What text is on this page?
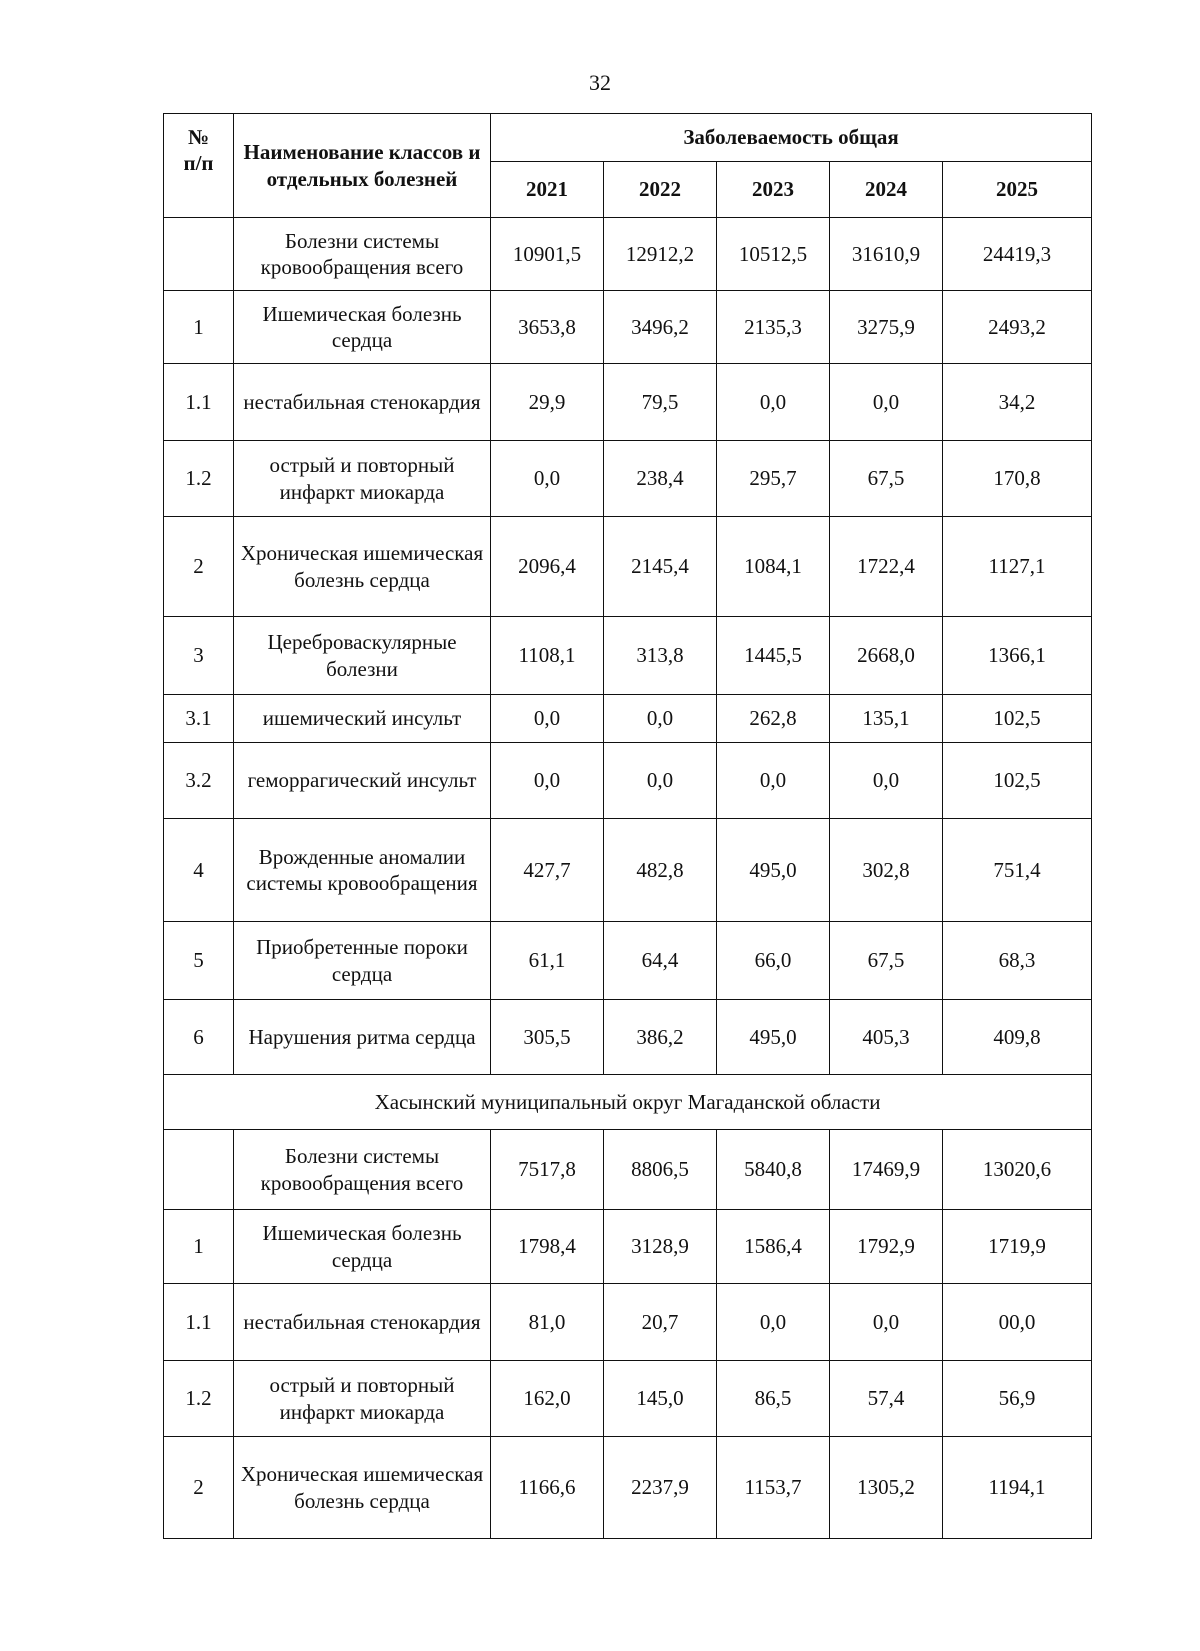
32
№
п/п	Наименование классов и отдельных болезней	Заболеваемость общая				
		2021	2022	2023	2024	2025
	Болезни системы кровообращения всего	10901,5	12912,2	10512,5	31610,9	24419,3
1	Ишемическая болезнь сердца	3653,8	3496,2	2135,3	3275,9	2493,2
1.1	нестабильная стенокардия	29,9	79,5	0,0	0,0	34,2
1.2	острый и повторный инфаркт миокарда	0,0	238,4	295,7	67,5	170,8
2	Хроническая ишемическая болезнь сердца	2096,4	2145,4	1084,1	1722,4	1127,1
3	Цереброваскулярные болезни	1108,1	313,8	1445,5	2668,0	1366,1
3.1	ишемический инсульт	0,0	0,0	262,8	135,1	102,5
3.2	геморрагический инсульт	0,0	0,0	0,0	0,0	102,5
4	Врожденные аномалии системы кровообращения	427,7	482,8	495,0	302,8	751,4
5	Приобретенные пороки сердца	61,1	64,4	66,0	67,5	68,3
6	Нарушения ритма сердца	305,5	386,2	495,0	405,3	409,8
Хасынский муниципальный округ Магаданской области						
	Болезни системы кровообращения всего	7517,8	8806,5	5840,8	17469,9	13020,6
1	Ишемическая болезнь сердца	1798,4	3128,9	1586,4	1792,9	1719,9
1.1	нестабильная стенокардия	81,0	20,7	0,0	0,0	00,0
1.2	острый и повторный инфаркт миокарда	162,0	145,0	86,5	57,4	56,9
2	Хроническая ишемическая болезнь сердца	1166,6	2237,9	1153,7	1305,2	1194,1
